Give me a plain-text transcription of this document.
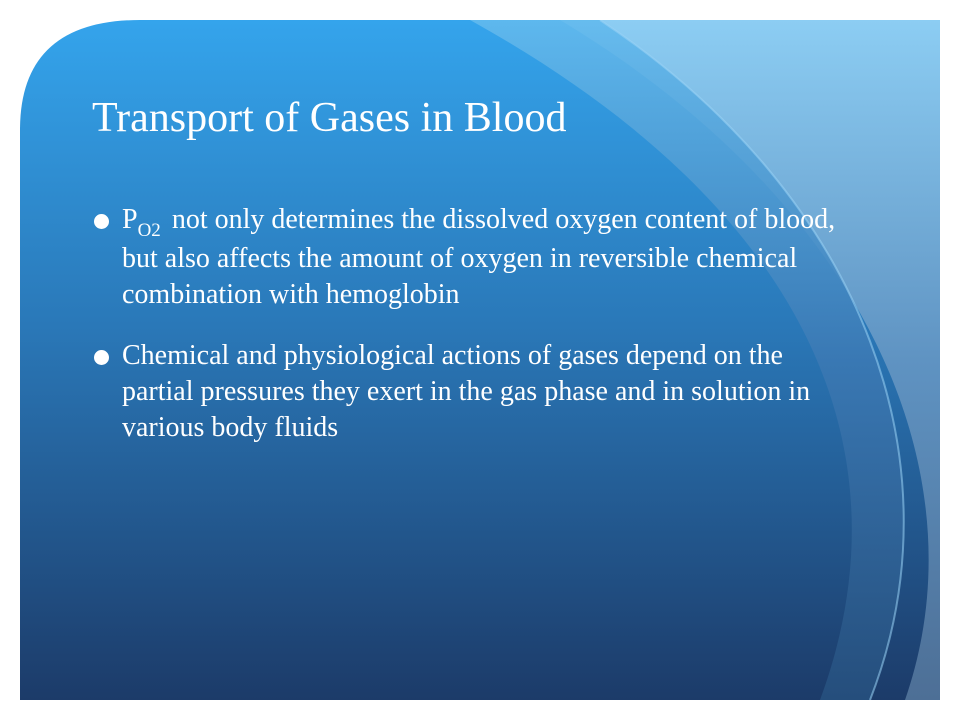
Transport of Gases in Blood
$P_{O2}$ not only determines the dissolved oxygen content of blood, but also affects the amount of oxygen in reversible chemical combination with hemoglobin
Chemical and physiological actions of gases depend on the partial pressures they exert in the gas phase and in solution in various body fluids
